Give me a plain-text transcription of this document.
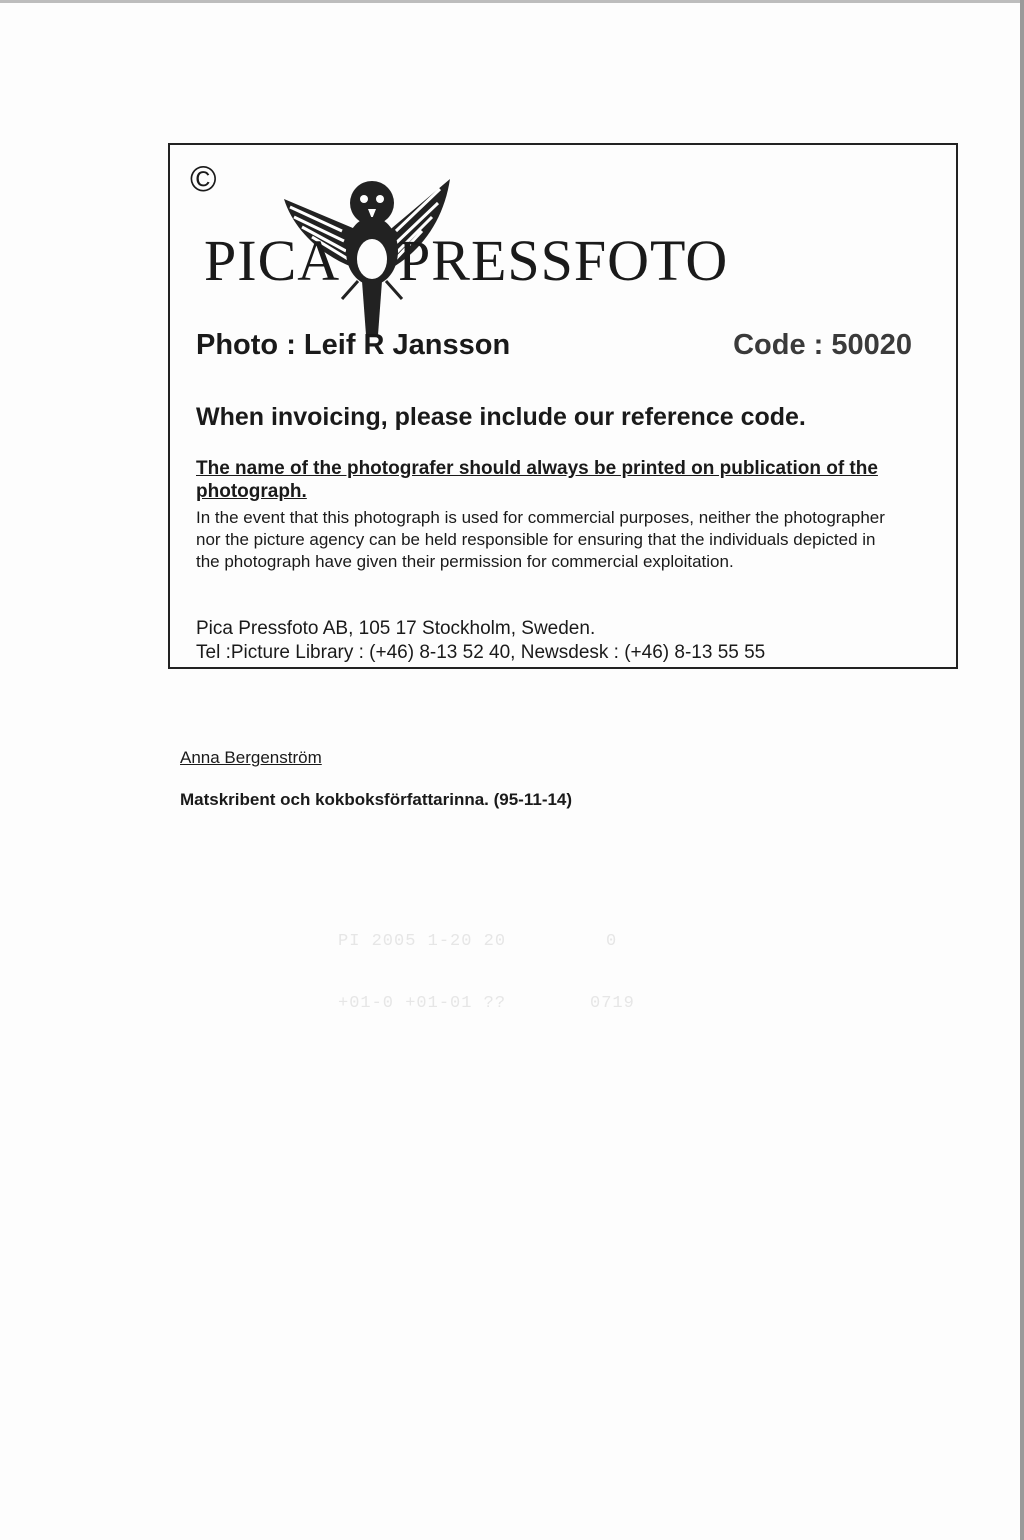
©
PICA PRESSFOTO
Photo : Leif R Jansson	Code : 50020
When invoicing, please include our reference code.
The name of the photografer should always be printed on publication of the photograph.
In the event that this photograph is used for commercial purposes, neither the photographer nor the picture agency can be held responsible for ensuring that the individuals depicted in the photograph have given their permission for commercial exploitation.
Pica Pressfoto AB, 105 17 Stockholm, Sweden.
Tel :Picture Library : (+46) 8-13 52 40, Newsdesk : (+46) 8-13 55 55
Anna Bergenström
Matskribent och kokboksförfattarinna. (95-11-14)
PI 2005 1-20 20	0
+01-0 +01-01 ??	0719
